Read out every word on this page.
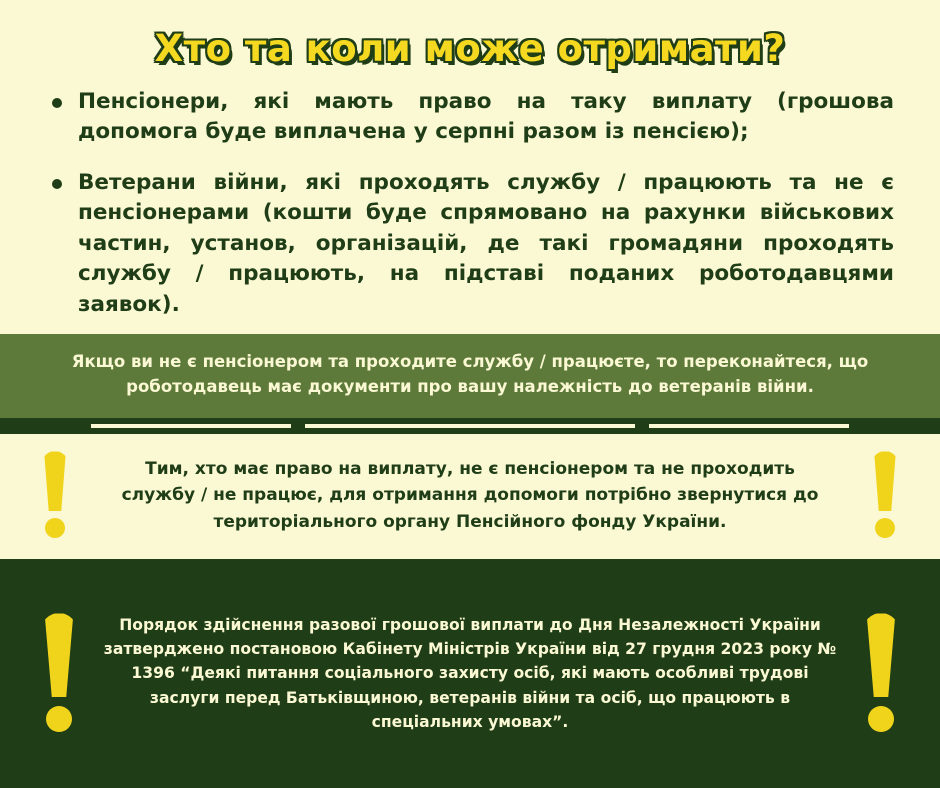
Хто та коли може отримати?
Пенсіонери, які мають право на таку виплату (грошова допомога буде виплачена у серпні разом із пенсією);
Ветерани війни, які проходять службу / працюють та не є пенсіонерами (кошти буде спрямовано на рахунки військових частин, установ, організацій, де такі громадяни проходять службу / працюють, на підставі поданих роботодавцями заявок).
Якщо ви не є пенсіонером та проходите службу / працюєте, то переконайтеся, що роботодавець має документи про вашу належність до ветеранів війни.
Тим, хто має право на виплату, не є пенсіонером та не проходить службу / не працює, для отримання допомоги потрібно звернутися до територіального органу Пенсійного фонду України.
Порядок здійснення разової грошової виплати до Дня Незалежності України затверджено постановою Кабінету Міністрів України від 27 грудня 2023 року № 1396 “Деякі питання соціального захисту осіб, які мають особливі трудові заслуги перед Батьківщиною, ветеранів війни та осіб, що працюють в спеціальних умовах”.
